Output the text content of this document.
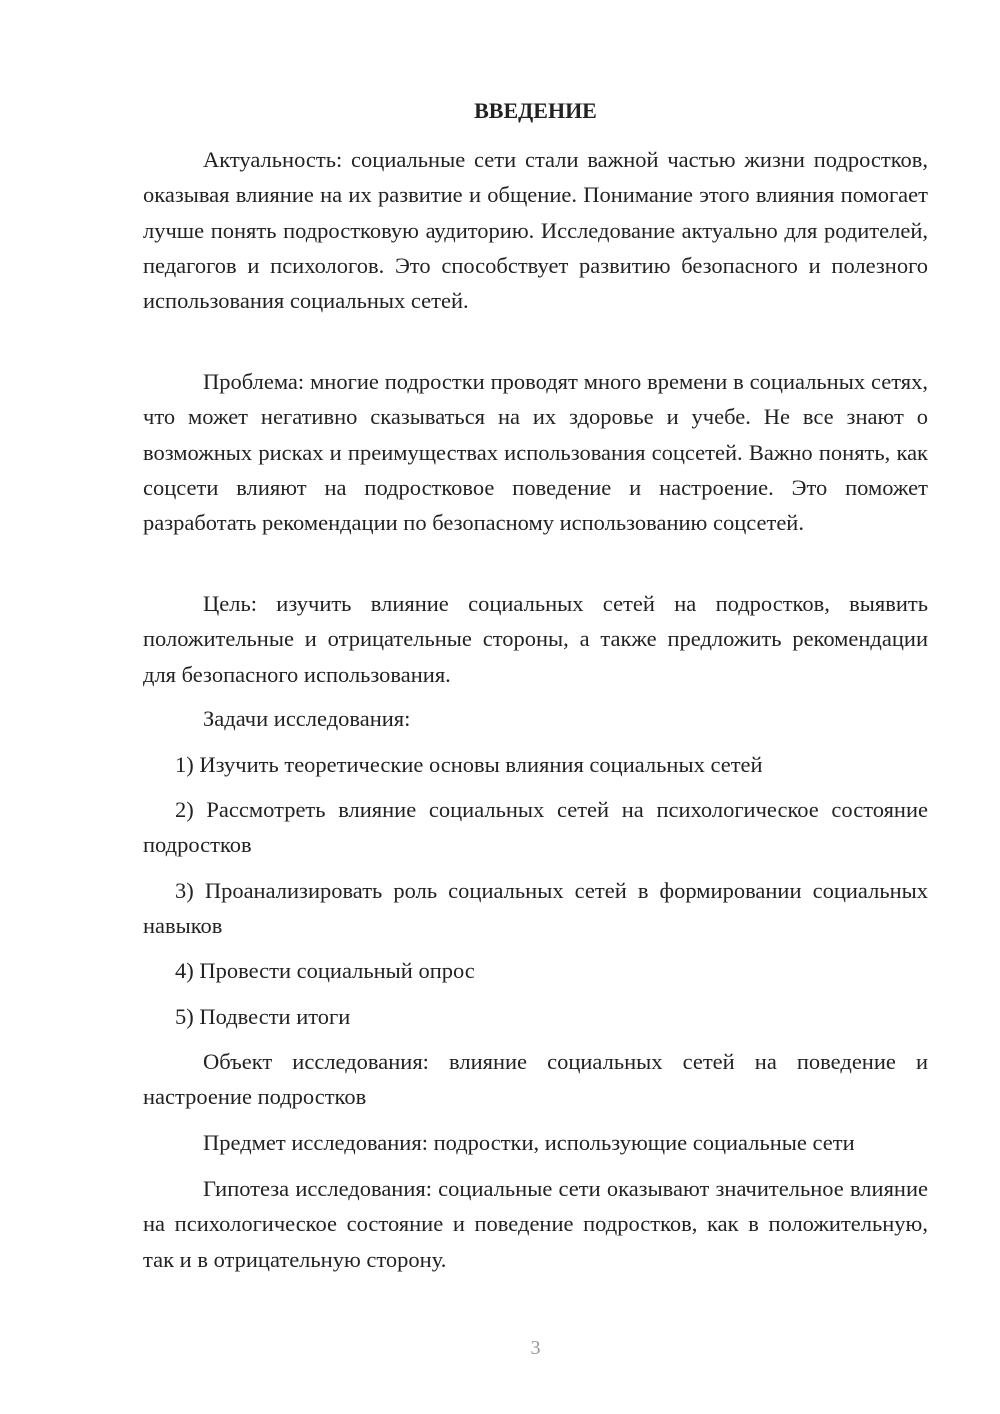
ВВЕДЕНИЕ

Актуальность: социальные сети стали важной частью жизни подростков, оказывая влияние на их развитие и общение. Понимание этого влияния помогает лучше понять подростковую аудиторию. Исследование актуально для родителей, педагогов и психологов. Это способствует развитию безопасного и полезного использования социальных сетей.

Проблема: многие подростки проводят много времени в социальных сетях, что может негативно сказываться на их здоровье и учебе. Не все знают о возможных рисках и преимуществах использования соцсетей. Важно понять, как соцсети влияют на подростковое поведение и настроение. Это поможет разработать рекомендации по безопасному использованию соцсетей.

Цель: изучить влияние социальных сетей на подростков, выявить положительные и отрицательные стороны, а также предложить рекомендации для безопасного использования.

Задачи исследования:

1) Изучить теоретические основы влияния социальных сетей

2) Рассмотреть влияние социальных сетей на психологическое состояние подростков

3) Проанализировать роль социальных сетей в формировании социальных навыков

4) Провести социальный опрос

5) Подвести итоги

Объект исследования: влияние социальных сетей на поведение и настроение подростков

Предмет исследования: подростки, использующие социальные сети

Гипотеза исследования: социальные сети оказывают значительное влияние на психологическое состояние и поведение подростков, как в положительную, так и в отрицательную сторону.

3
